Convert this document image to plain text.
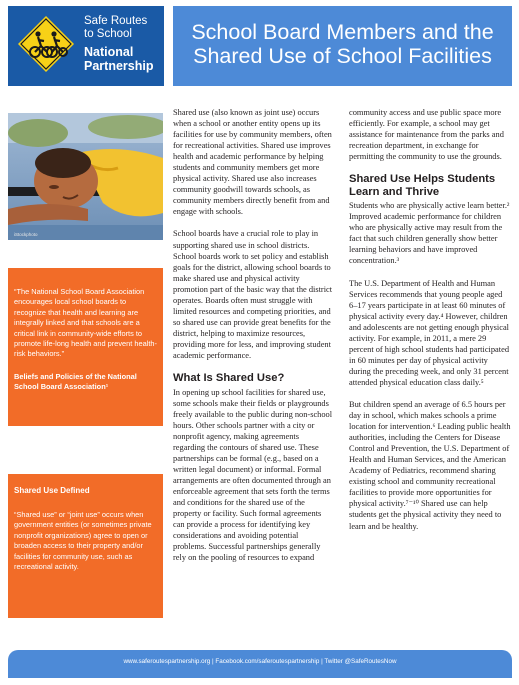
Safe Routes
to School
National
Partnership
School Board Members and the
Shared Use of School Facilities
iStockphoto
“The National School Board Association encourages local school boards to recognize that health and learning are integrally linked and that schools are a critical link in community-wide efforts to promote life-long health and prevent health-risk behaviors.”
Beliefs and Policies of the National School Board Association¹
Shared Use Defined
“Shared use” or “joint use” occurs when government entities (or sometimes private nonprofit organizations) agree to open or broaden access to their property and/or facilities for community use, such as recreational activity.

Shared use (also known as joint use) occurs when a school or another entity opens up its facilities for use by community members, often for recreational activities. Shared use improves health and academic performance by helping students and community members get more physical activity. Shared use also increases community goodwill towards schools, as community members directly benefit from and engage with schools.

School boards have a crucial role to play in supporting shared use in school districts. School boards work to set policy and establish goals for the district, allowing school boards to make shared use and physical activity promotion part of the basic way that the district operates. Boards often must struggle with limited resources and competing priorities, and so shared use can provide great benefits for the district, helping to maximize resources, providing more for less, and improving student academic performance.

What Is Shared Use?

In opening up school facilities for shared use, some schools make their fields or playgrounds freely available to the public during non-school hours. Other schools partner with a city or nonprofit agency, making agreements regarding the contours of shared use. These partnerships can be formal (e.g., based on a written legal document) or informal. Formal arrangements are often documented through an enforceable agreement that sets forth the terms and conditions for the shared use of the property or facility. Such formal agreements can provide a process for identifying key considerations and avoiding potential problems. Successful partnerships generally rely on the pooling of resources to expand

community access and use public space more efficiently. For example, a school may get assistance for maintenance from the parks and recreation department, in exchange for permitting the community to use the grounds.

Shared Use Helps Students Learn and Thrive

Students who are physically active learn better.² Improved academic performance for children who are physically active may result from the fact that such children generally show better learning behaviors and have improved concentration.³

The U.S. Department of Health and Human Services recommends that young people aged 6–17 years participate in at least 60 minutes of physical activity every day.⁴ However, children and adolescents are not getting enough physical activity. For example, in 2011, a mere 29 percent of high school students had participated in 60 minutes per day of physical activity during the preceding week, and only 31 percent attended physical education class daily.⁵

But children spend an average of 6.5 hours per day in school, which makes schools a prime location for intervention.⁶ Leading public health authorities, including the Centers for Disease Control and Prevention, the U.S. Department of Health and Human Services, and the American Academy of Pediatrics, recommend sharing existing school and community recreational facilities to provide more opportunities for physical activity.⁷⁻¹⁰ Shared use can help students get the physical activity they need to learn and be healthy.

www.saferoutespartnership.org | Facebook.com/saferoutespartnership | Twitter @SafeRoutesNow
